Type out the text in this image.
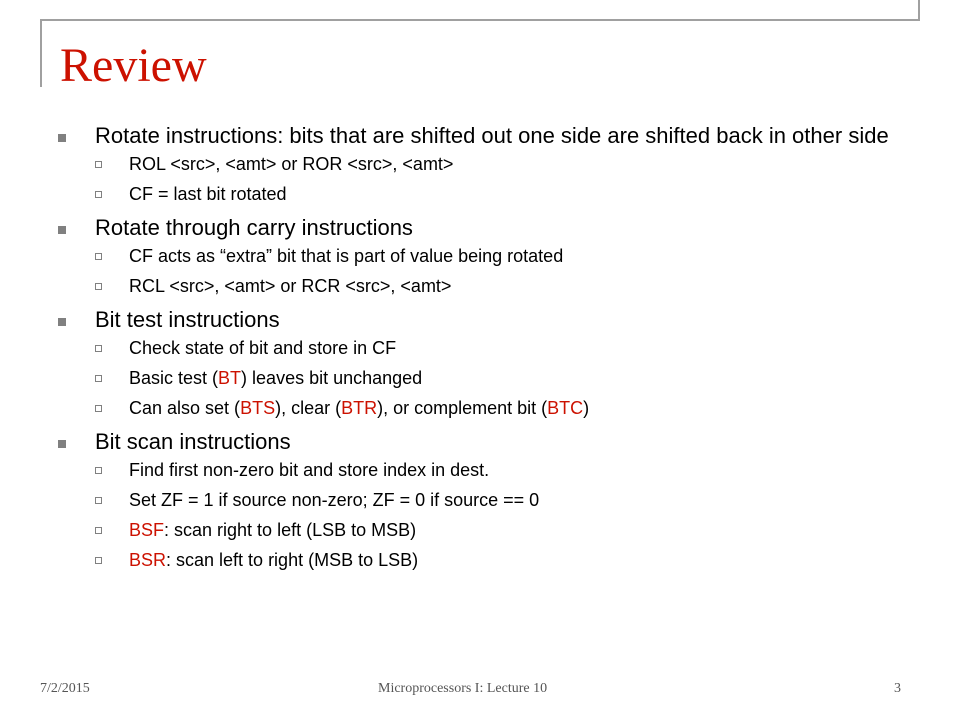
Review
Rotate instructions: bits that are shifted out one side are shifted back in other side
ROL <src>, <amt> or ROR <src>, <amt>
CF = last bit rotated
Rotate through carry instructions
CF acts as “extra” bit that is part of value being rotated
RCL <src>, <amt> or RCR <src>, <amt>
Bit test instructions
Check state of bit and store in CF
Basic test (BT) leaves bit unchanged
Can also set (BTS), clear (BTR), or complement bit (BTC)
Bit scan instructions
Find first non-zero bit and store index in dest.
Set ZF = 1 if source non-zero; ZF = 0 if source == 0
BSF: scan right to left (LSB to MSB)
BSR: scan left to right (MSB to LSB)
7/2/2015	Microprocessors I: Lecture 10	3
